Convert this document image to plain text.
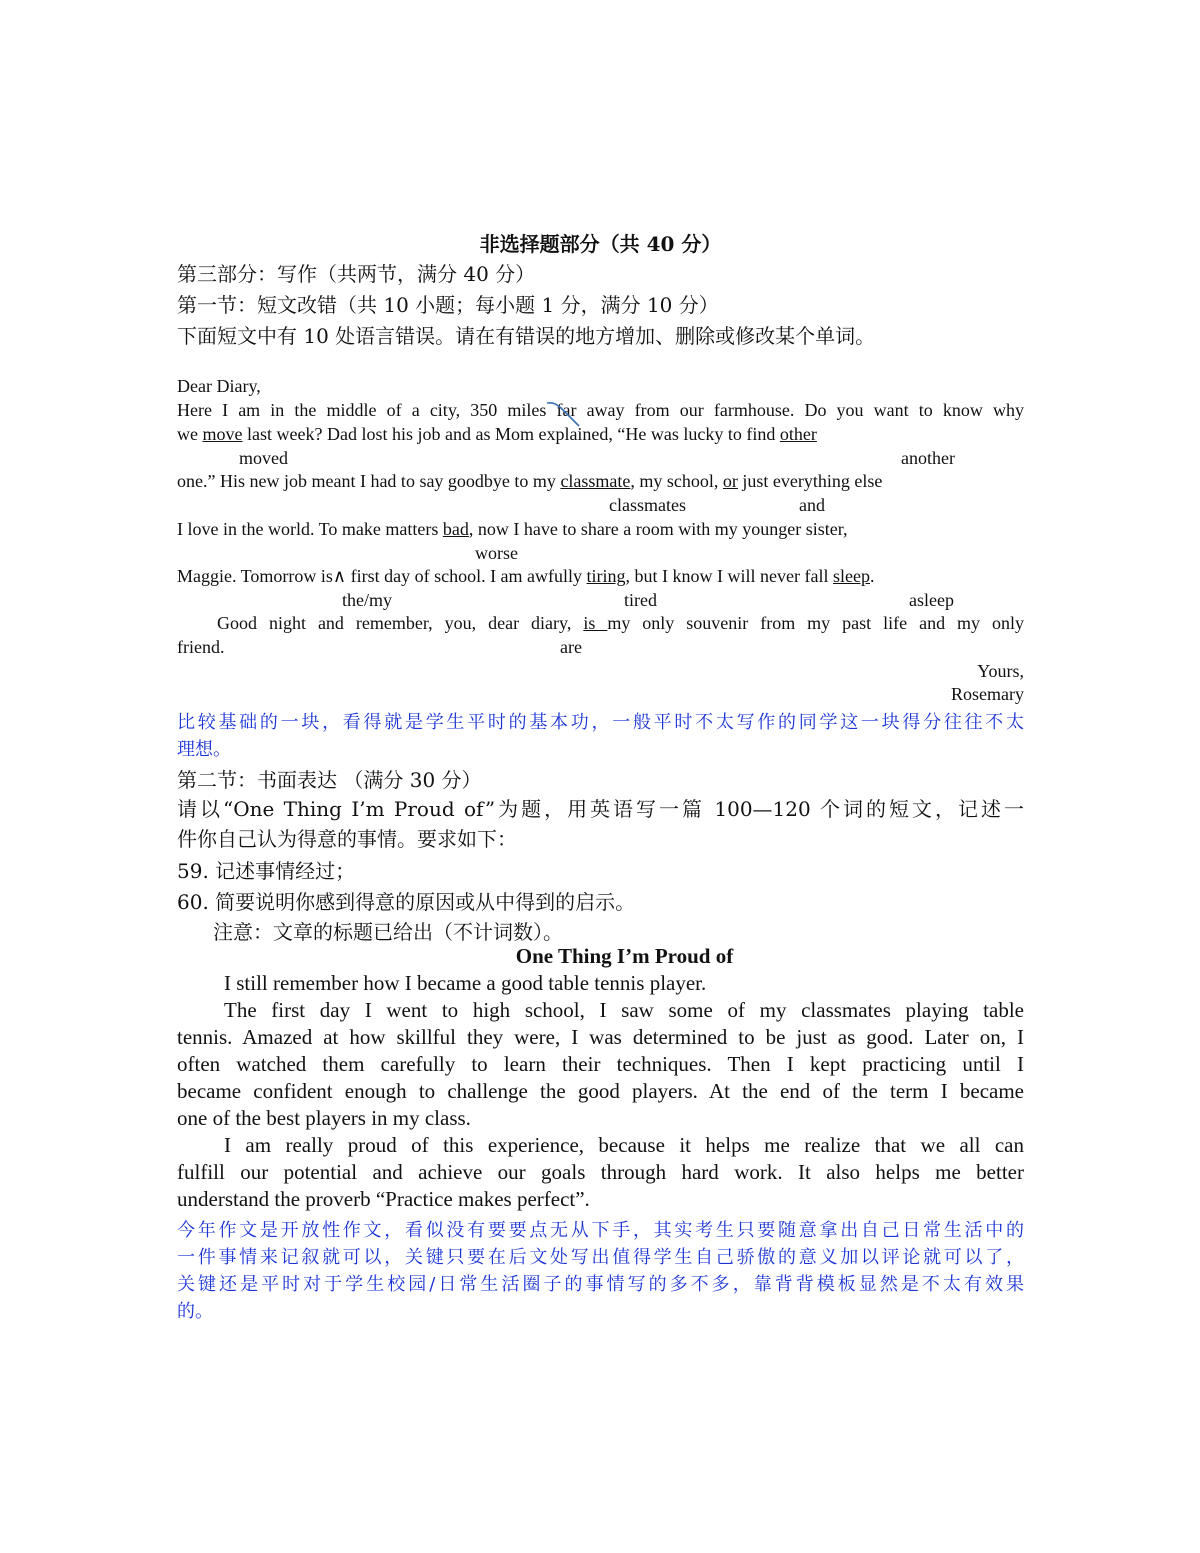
非选择题部分（共 40 分）
第三部分：写作（共两节，满分 40 分）
第一节：短文改错（共 10 小题；每小题 1 分，满分 10 分）
下面短文中有 10 处语言错误。请在有错误的地方增加、删除或修改某个单词。
Dear Diary,
Here I am in the middle of a city, 350 miles far away from our farmhouse. Do you want to know why
we move last week? Dad lost his job and as Mom explained, “He was lucky to find other
moved	another
one.” His new job meant I had to say goodbye to my classmate, my school, or just everything else
classmates	and
I love in the world. To make matters bad, now I have to share a room with my younger sister,
worse
Maggie. Tomorrow is∧ first day of school. I am awfully tiring, but I know I will never fall sleep.
the/my	tired	asleep
Good night and remember, you, dear diary, is my only souvenir from my past life and my only
friend.	are
Yours,
Rosemary
比较基础的一块，看得就是学生平时的基本功，一般平时不太写作的同学这一块得分往往不太
理想。
第二节：书面表达 （满分 30 分）
请以“One Thing I’m Proud of”为题，用英语写一篇 100—120 个词的短文，记述一
件你自己认为得意的事情。要求如下：
59. 记述事情经过；
60. 简要说明你感到得意的原因或从中得到的启示。
注意：文章的标题已给出（不计词数）。
One Thing I’m Proud of
I still remember how I became a good table tennis player.
The first day I went to high school, I saw some of my classmates playing table
tennis. Amazed at how skillful they were, I was determined to be just as good. Later on, I
often watched them carefully to learn their techniques. Then I kept practicing until I
became confident enough to challenge the good players. At the end of the term I became
one of the best players in my class.
I am really proud of this experience, because it helps me realize that we all can
fulfill our potential and achieve our goals through hard work. It also helps me better
understand the proverb “Practice makes perfect”.
今年作文是开放性作文，看似没有要要点无从下手，其实考生只要随意拿出自己日常生活中的
一件事情来记叙就可以，关键只要在后文处写出值得学生自己骄傲的意义加以评论就可以了，
关键还是平时对于学生校园/日常生活圈子的事情写的多不多，靠背背模板显然是不太有效果
的。
